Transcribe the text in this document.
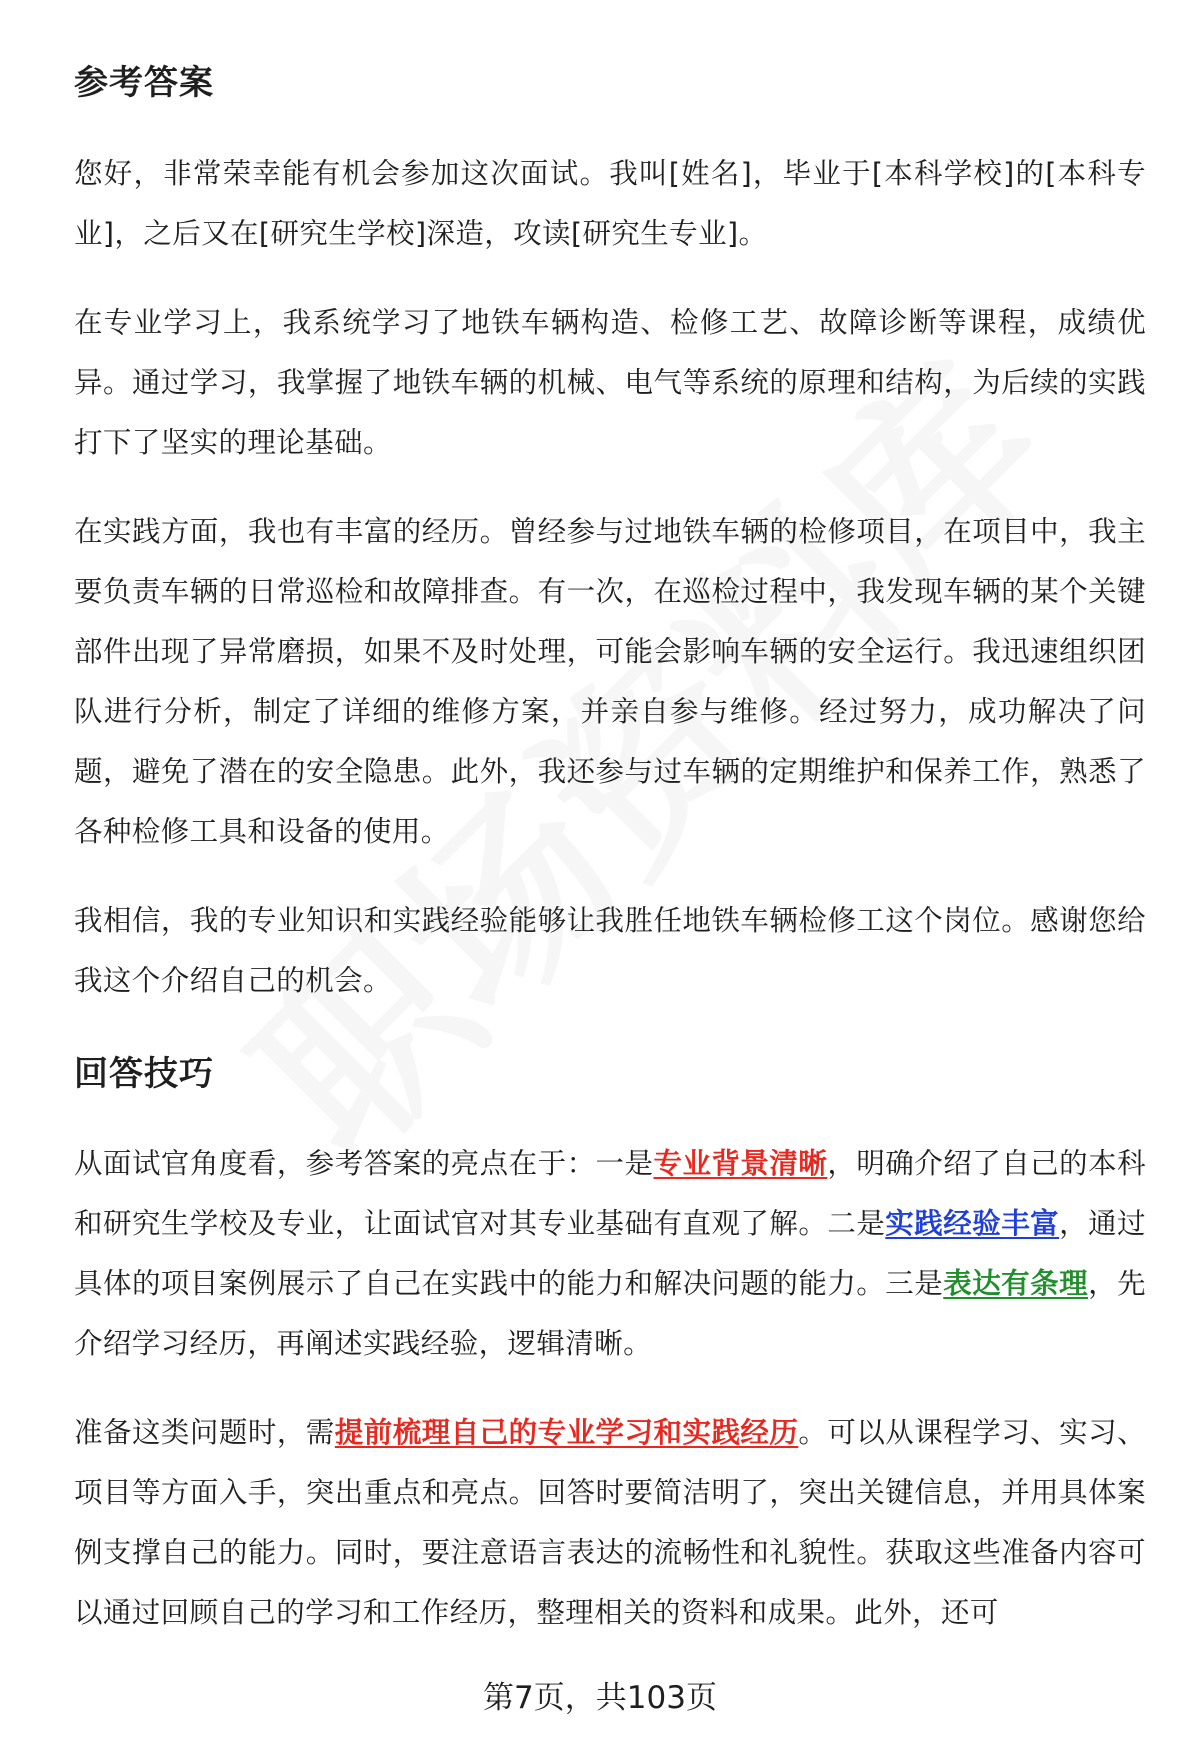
参考答案

您好，非常荣幸能有机会参加这次面试。我叫[姓名]，毕业于[本科学校]的[本科专业]，之后又在[研究生学校]深造，攻读[研究生专业]。

在专业学习上，我系统学习了地铁车辆构造、检修工艺、故障诊断等课程，成绩优异。通过学习，我掌握了地铁车辆的机械、电气等系统的原理和结构，为后续的实践打下了坚实的理论基础。

在实践方面，我也有丰富的经历。曾经参与过地铁车辆的检修项目，在项目中，我主要负责车辆的日常巡检和故障排查。有一次，在巡检过程中，我发现车辆的某个关键部件出现了异常磨损，如果不及时处理，可能会影响车辆的安全运行。我迅速组织团队进行分析，制定了详细的维修方案，并亲自参与维修。经过努力，成功解决了问题，避免了潜在的安全隐患。此外，我还参与过车辆的定期维护和保养工作，熟悉了各种检修工具和设备的使用。

我相信，我的专业知识和实践经验能够让我胜任地铁车辆检修工这个岗位。感谢您给我这个介绍自己的机会。

回答技巧

从面试官角度看，参考答案的亮点在于：一是专业背景清晰，明确介绍了自己的本科和研究生学校及专业，让面试官对其专业基础有直观了解。二是实践经验丰富，通过具体的项目案例展示了自己在实践中的能力和解决问题的能力。三是表达有条理，先介绍学习经历，再阐述实践经验，逻辑清晰。

准备这类问题时，需提前梳理自己的专业学习和实践经历。可以从课程学习、实习、项目等方面入手，突出重点和亮点。回答时要简洁明了，突出关键信息，并用具体案例支撑自己的能力。同时，要注意语言表达的流畅性和礼貌性。获取这些准备内容可以通过回顾自己的学习和工作经历，整理相关的资料和成果。此外，还可

第7页，共103页
